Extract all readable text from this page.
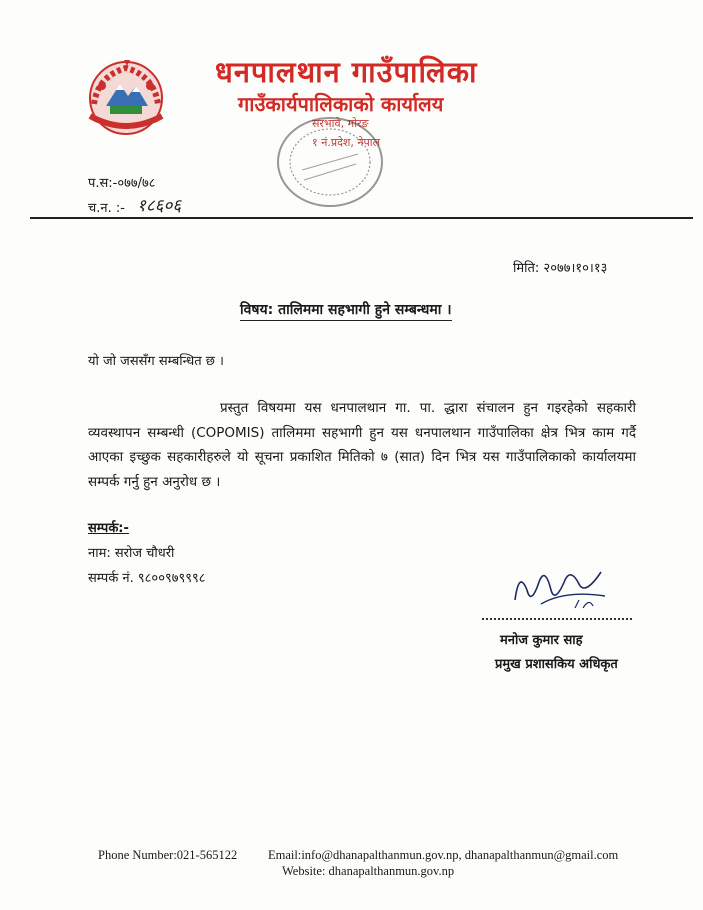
धनपालथान गाउँपालिका
गाउँकार्यपालिकाको कार्यालय
सरभावे, मोरङ
१ नं.प्रदेश, नेपाल
प.स:-०७७/७८
च.न. :- १८६०६
मिति: २०७७।१०।१३
विषय: तालिममा सहभागी हुने सम्बन्धमा ।
यो जो जससँग सम्बन्धित छ ।
प्रस्तुत विषयमा यस धनपालथान गा. पा. द्धारा संचालन हुन गइरहेको सहकारी व्यवस्थापन सम्बन्धी (COPOMIS) तालिममा सहभागी हुन यस धनपालथान गाउँपालिका क्षेत्र भित्र काम गर्दै आएका इच्छुक सहकारीहरुले यो सूचना प्रकाशित मितिको ७ (सात) दिन भित्र यस गाउँपालिकाको कार्यालयमा सम्पर्क गर्नु हुन अनुरोध छ ।
सम्पर्क:-
नाम: सरोज चौधरी
सम्पर्क नं. ९८००९७९९९८
मनोज कुमार साह
प्रमुख प्रशासकिय अधिकृत
Phone Number:021-565122 Email:info@dhanapalthanmun.gov.np, dhanapalthanmun@gmail.com
Website: dhanapalthanmun.gov.np
